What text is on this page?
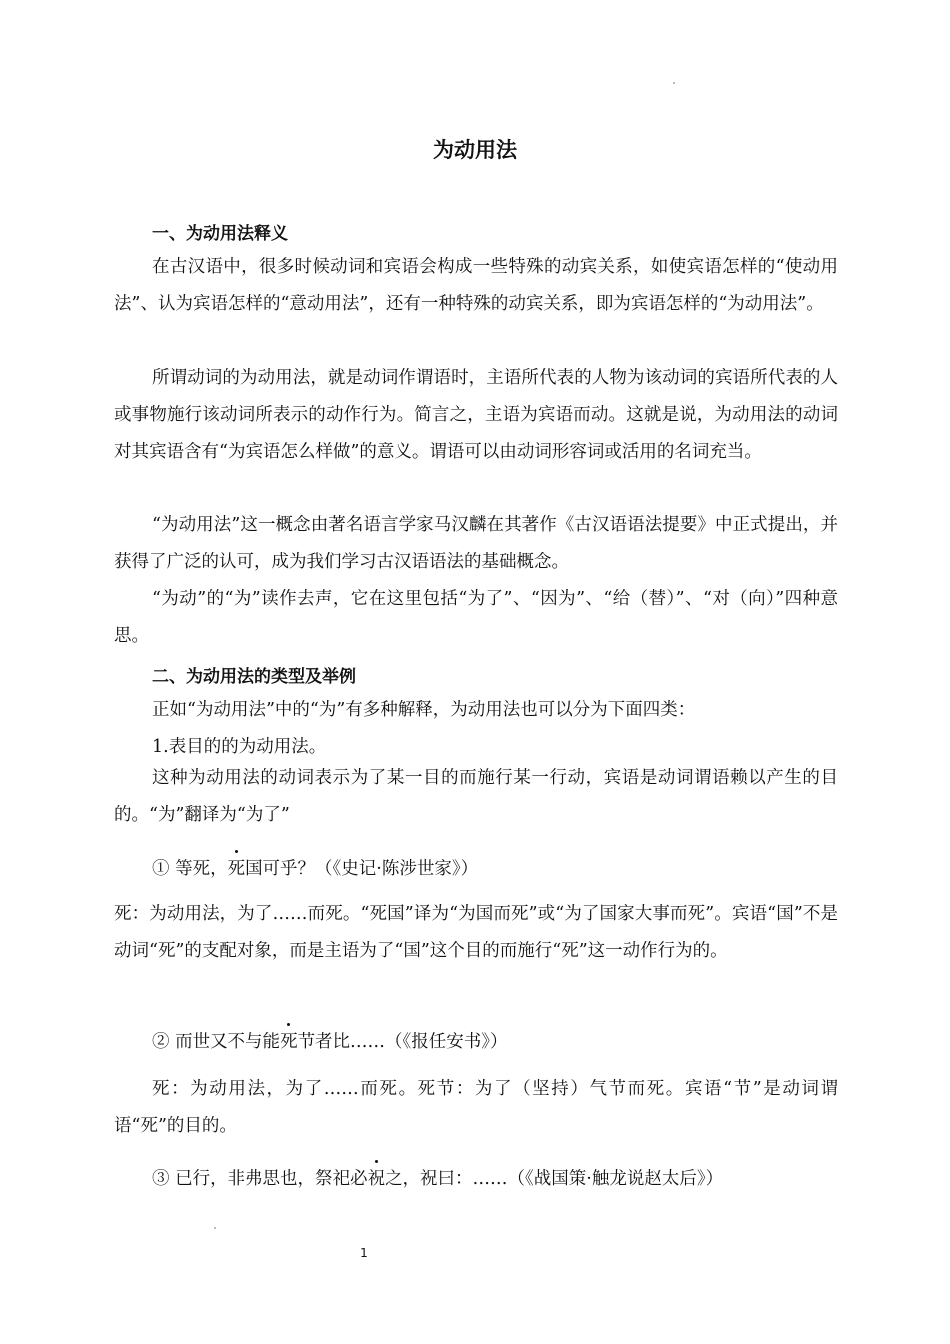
为动用法
一、为动用法释义

在古汉语中，很多时候动词和宾语会构成一些特殊的动宾关系，如使宾语怎样的“使动用法”、认为宾语怎样的“意动用法”，还有一种特殊的动宾关系，即为宾语怎样的“为动用法”。

所谓动词的为动用法，就是动词作谓语时，主语所代表的人物为该动词的宾语所代表的人或事物施行该动词所表示的动作行为。简言之，主语为宾语而动。这就是说，为动用法的动词对其宾语含有“为宾语怎么样做”的意义。谓语可以由动词形容词或活用的名词充当。

“为动用法”这一概念由著名语言学家马汉麟在其著作《古汉语语法提要》中正式提出，并获得了广泛的认可，成为我们学习古汉语语法的基础概念。

“为动”的“为”读作去声，它在这里包括“为了”、“因为”、“给（替）”、“对（向）”四种意思。

二、为动用法的类型及举例
正如“为动用法”中的“为”有多种解释，为动用法也可以分为下面四类：
1.表目的的为动用法。

这种为动用法的动词表示为了某一目的而施行某一行动，宾语是动词谓语赖以产生的目的。“为”翻译为“为了”

① 等死，死国可乎？（《史记·陈涉世家》）

死：为动用法，为了……而死。“死国”译为“为国而死”或“为了国家大事而死”。宾语“国”不是动词“死”的支配对象，而是主语为了“国”这个目的而施行“死”这一动作行为的。

② 而世又不与能死节者比……（《报任安书》）

死：为动用法，为了……而死。死节：为了（坚持）气节而死。宾语“节”是动词谓语“死”的目的。

③ 已行，非弗思也，祭祀必祝之，祝曰：……（《战国策·触龙说赵太后》）
1
